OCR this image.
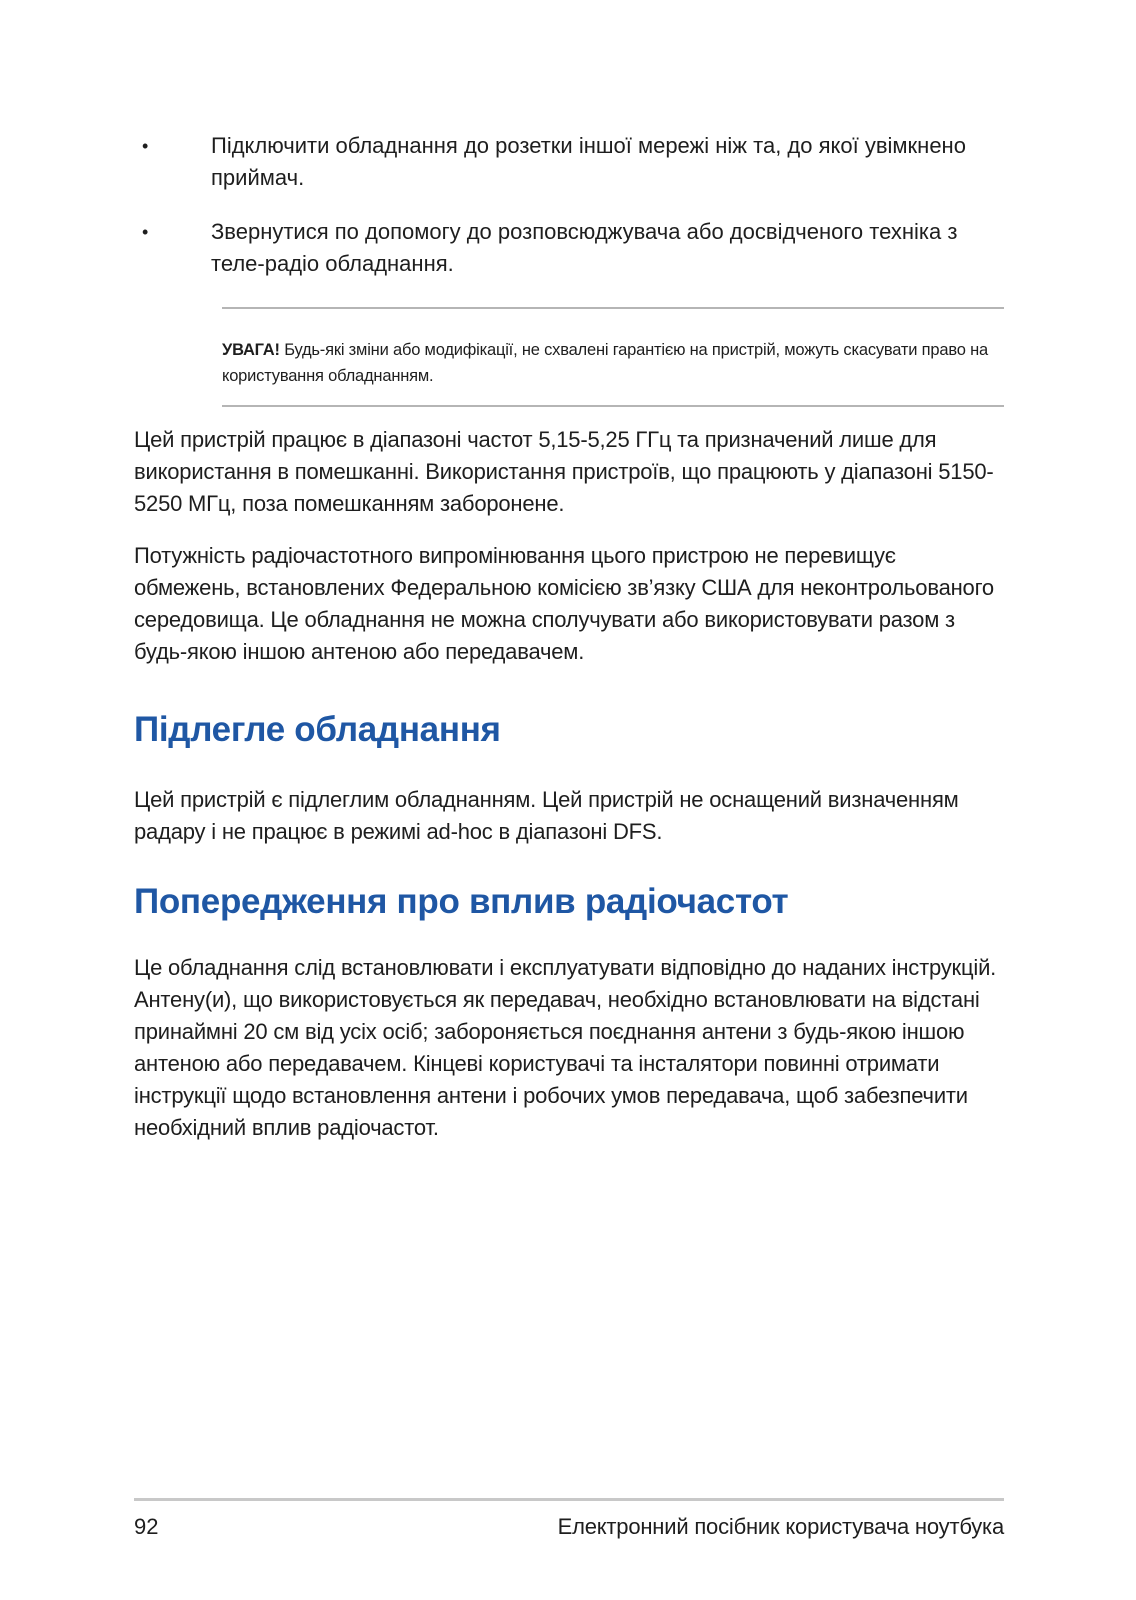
•	Підключити обладнання до розетки іншої мережі ніж та, до якої увімкнено приймач.
•	Звернутися по допомогу до розповсюджувача або досвідченого техніка з теле-радіо обладнання.
УВАГА! Будь-які зміни або модифікації, не схвалені гарантією на пристрій, можуть скасувати право на користування обладнанням.

Цей пристрій працює в діапазоні частот 5,15-5,25 ГГц та призначений лише для використання в помешканні. Використання пристроїв, що працюють у діапазоні 5150-5250 МГц, поза помешканням заборонене.

Потужність радіочастотного випромінювання цього пристрою не перевищує обмежень, встановлених Федеральною комісією зв’язку США для неконтрольованого середовища. Це обладнання не можна сполучувати або використовувати разом з будь-якою іншою антеною або передавачем.

Підлегле обладнання

Цей пристрій є підлеглим обладнанням. Цей пристрій не оснащений визначенням радару і не працює в режимі ad-hoc в діапазоні DFS.

Попередження про вплив радіочастот

Це обладнання слід встановлювати і експлуатувати відповідно до наданих інструкцій. Антену(и), що використовується як передавач, необхідно встановлювати на відстані принаймні 20 см від усіх осіб; забороняється поєднання антени з будь-якою іншою антеною або передавачем. Кінцеві користувачі та інсталятори повинні отримати інструкції щодо встановлення антени і робочих умов передавача, щоб забезпечити необхідний вплив радіочастот.

92	Електронний посібник користувача ноутбука
